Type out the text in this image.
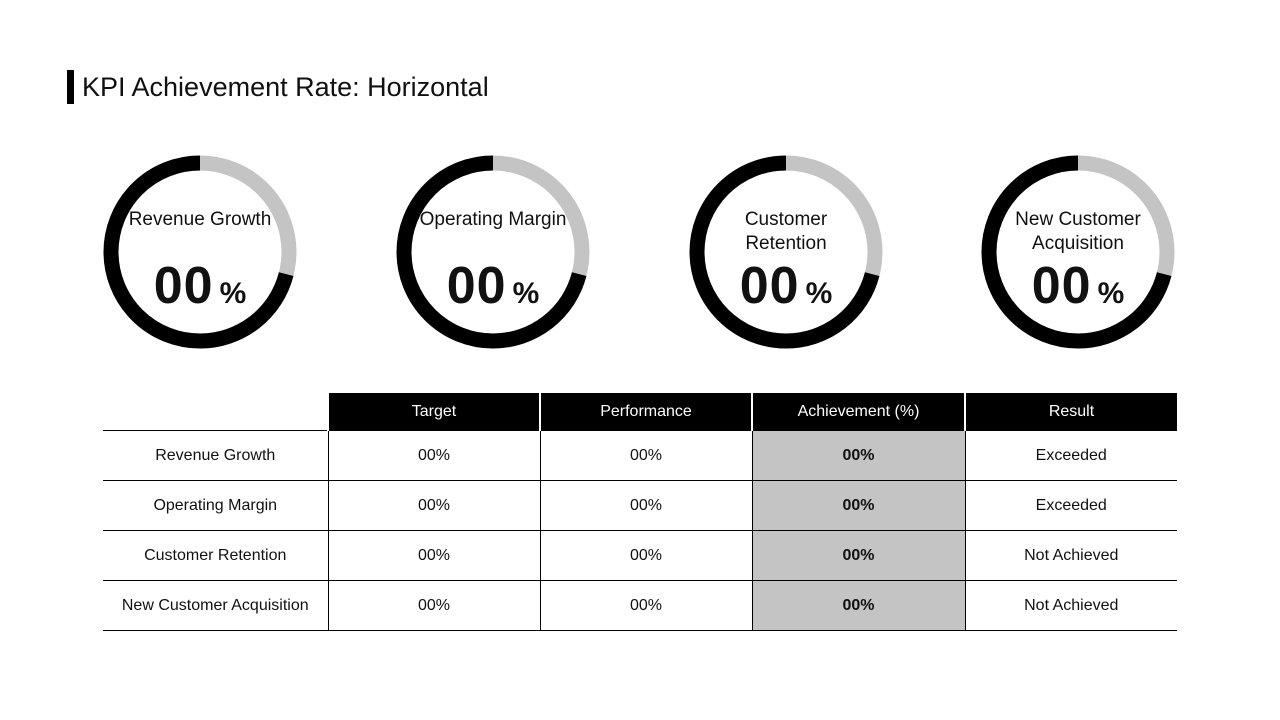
KPI Achievement Rate: Horizontal
Revenue Growth
00 %
Operating Margin
00 %
Customer Retention
00 %
New Customer Acquisition
00 %
	Target	Performance	Achievement (%)	Result
Revenue Growth	00%	00%	00%	Exceeded
Operating Margin	00%	00%	00%	Exceeded
Customer Retention	00%	00%	00%	Not Achieved
New Customer Acquisition	00%	00%	00%	Not Achieved
